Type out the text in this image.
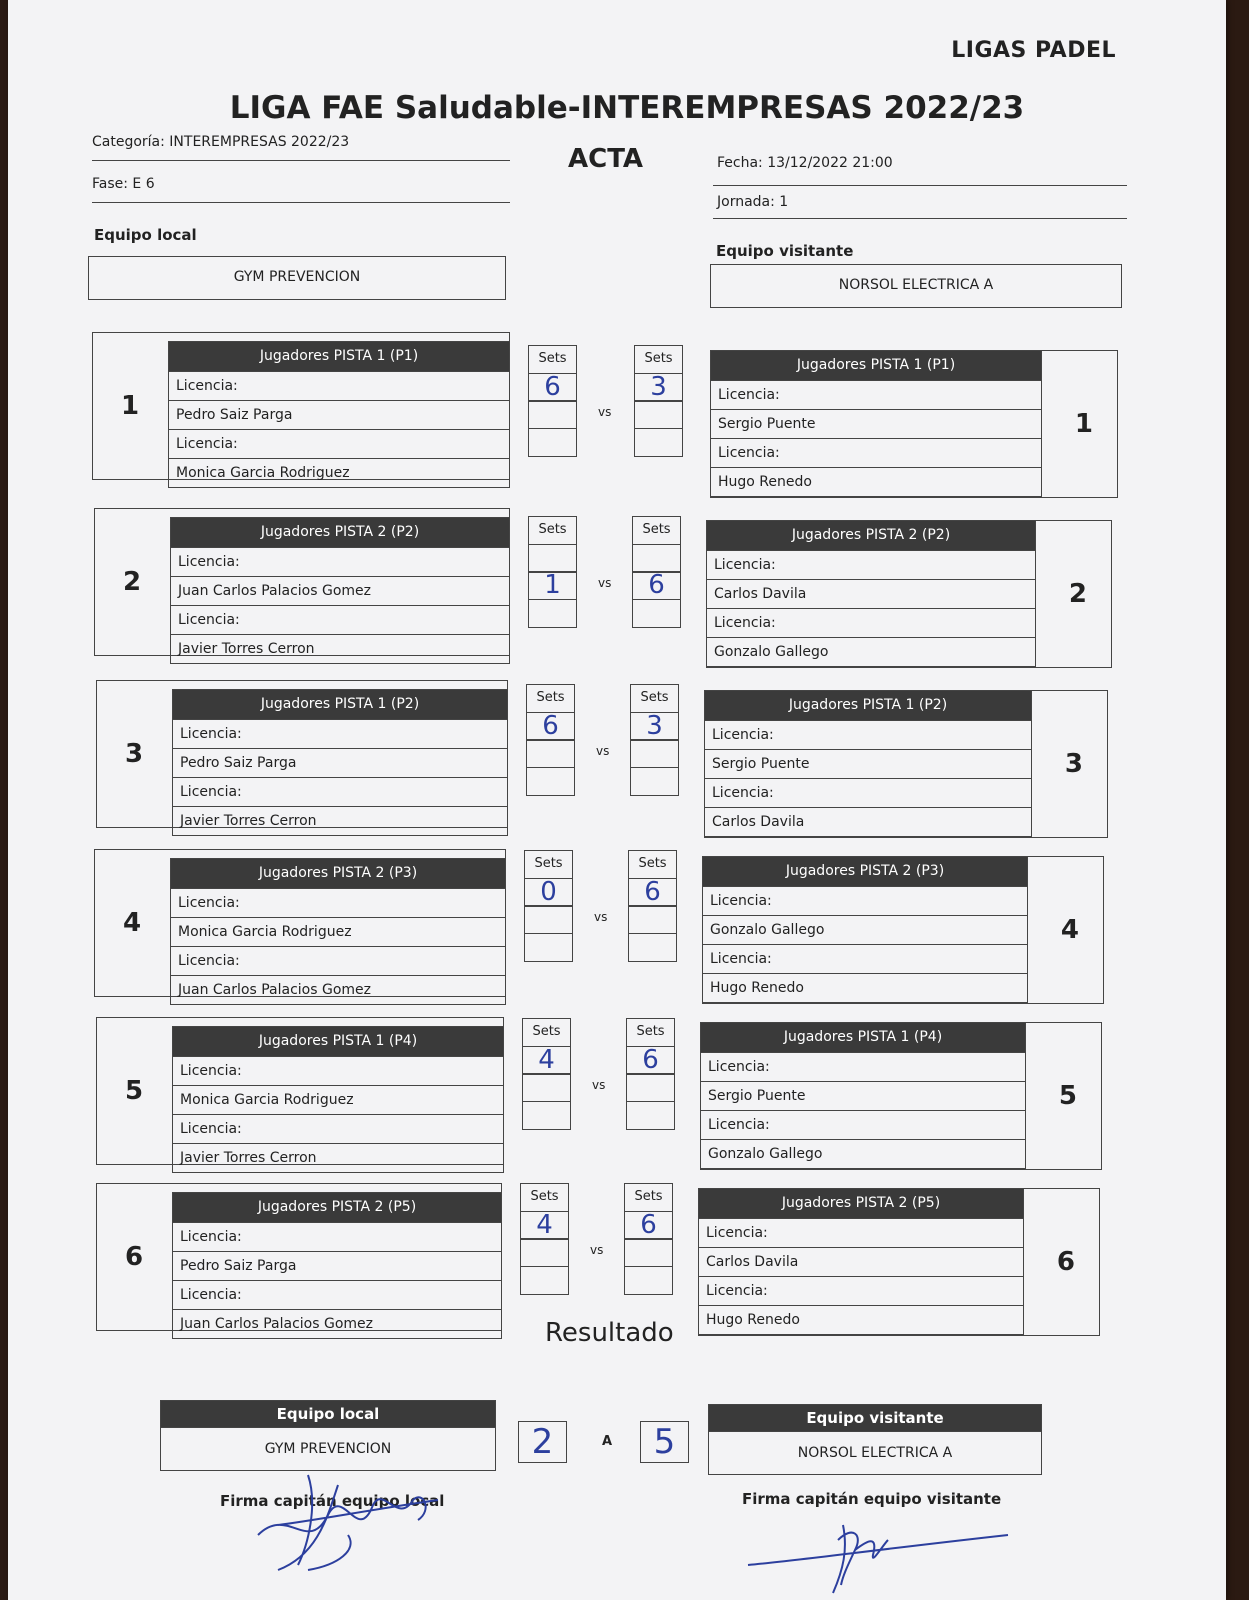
LIGAS PADEL
LIGA FAE Saludable-INTEREMPRESAS 2022/23
ACTA
Categoría: INTEREMPRESAS 2022/23
Fase: E 6
Fecha: 13/12/2022 21:00
Jornada: 1
Equipo local
GYM PREVENCION
Equipo visitante
NORSOL ELECTRICA A
1
Jugadores PISTA 1 (P1)
Licencia:
Pedro Saiz Parga
Licencia:
Monica Garcia Rodriguez
Jugadores PISTA 1 (P1)
Licencia:
Sergio Puente
Licencia:
Hugo Renedo
1
Sets
6
Sets
3
vs
2
Jugadores PISTA 2 (P2)
Licencia:
Juan Carlos Palacios Gomez
Licencia:
Javier Torres Cerron
Jugadores PISTA 2 (P2)
Licencia:
Carlos Davila
Licencia:
Gonzalo Gallego
2
Sets
1
Sets
6
vs
3
Jugadores PISTA 1 (P2)
Licencia:
Pedro Saiz Parga
Licencia:
Javier Torres Cerron
Jugadores PISTA 1 (P2)
Licencia:
Sergio Puente
Licencia:
Carlos Davila
3
Sets
6
Sets
3
vs
4
Jugadores PISTA 2 (P3)
Licencia:
Monica Garcia Rodriguez
Licencia:
Juan Carlos Palacios Gomez
Jugadores PISTA 2 (P3)
Licencia:
Gonzalo Gallego
Licencia:
Hugo Renedo
4
Sets
0
Sets
6
vs
5
Jugadores PISTA 1 (P4)
Licencia:
Monica Garcia Rodriguez
Licencia:
Javier Torres Cerron
Jugadores PISTA 1 (P4)
Licencia:
Sergio Puente
Licencia:
Gonzalo Gallego
5
Sets
4
Sets
6
vs
6
Jugadores PISTA 2 (P5)
Licencia:
Pedro Saiz Parga
Licencia:
Juan Carlos Palacios Gomez
Jugadores PISTA 2 (P5)
Licencia:
Carlos Davila
Licencia:
Hugo Renedo
6
Sets
4
Sets
6
vs
Resultado
Equipo local
GYM PREVENCION	2	A	5
Equipo visitante
NORSOL ELECTRICA A
Firma capitán equipo local	Firma capitán equipo visitante
